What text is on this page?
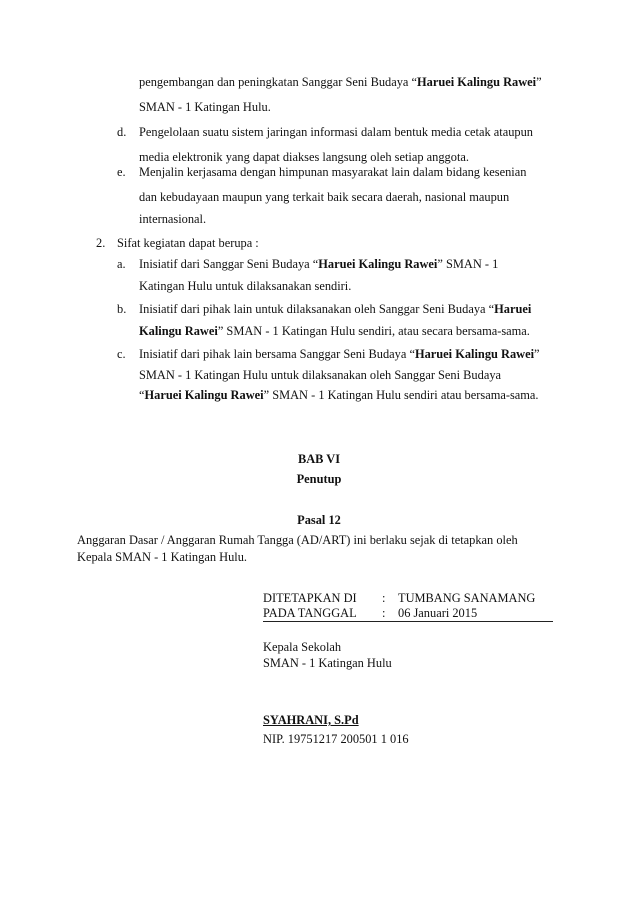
pengembangan dan peningkatan Sanggar Seni Budaya “Haruei Kalingu Rawei”
SMAN - 1 Katingan Hulu.
d. Pengelolaan suatu sistem jaringan informasi dalam bentuk media cetak ataupun
media elektronik yang dapat diakses langsung oleh setiap anggota.
e. Menjalin kerjasama dengan himpunan masyarakat lain dalam bidang kesenian
dan kebudayaan maupun yang terkait baik secara daerah, nasional maupun
internasional.
2. Sifat kegiatan dapat berupa :
a. Inisiatif dari Sanggar Seni Budaya “Haruei Kalingu Rawei” SMAN - 1
Katingan Hulu untuk dilaksanakan sendiri.
b. Inisiatif dari pihak lain untuk dilaksanakan oleh Sanggar Seni Budaya “Haruei
Kalingu Rawei” SMAN - 1 Katingan Hulu sendiri, atau secara bersama-sama.
c. Inisiatif dari pihak lain bersama Sanggar Seni Budaya “Haruei Kalingu Rawei”
SMAN - 1 Katingan Hulu untuk dilaksanakan oleh Sanggar Seni Budaya
“Haruei Kalingu Rawei” SMAN - 1 Katingan Hulu sendiri atau bersama-sama.
BAB VI
Penutup
Pasal 12
Anggaran Dasar / Anggaran Rumah Tangga (AD/ART) ini berlaku sejak di tetapkan oleh
Kepala SMAN - 1 Katingan Hulu.
DITETAPKAN DI : TUMBANG SANAMANG
PADA TANGGAL : 06 Januari 2015
Kepala Sekolah
SMAN - 1 Katingan Hulu
SYAHRANI, S.Pd
NIP. 19751217 200501 1 016
